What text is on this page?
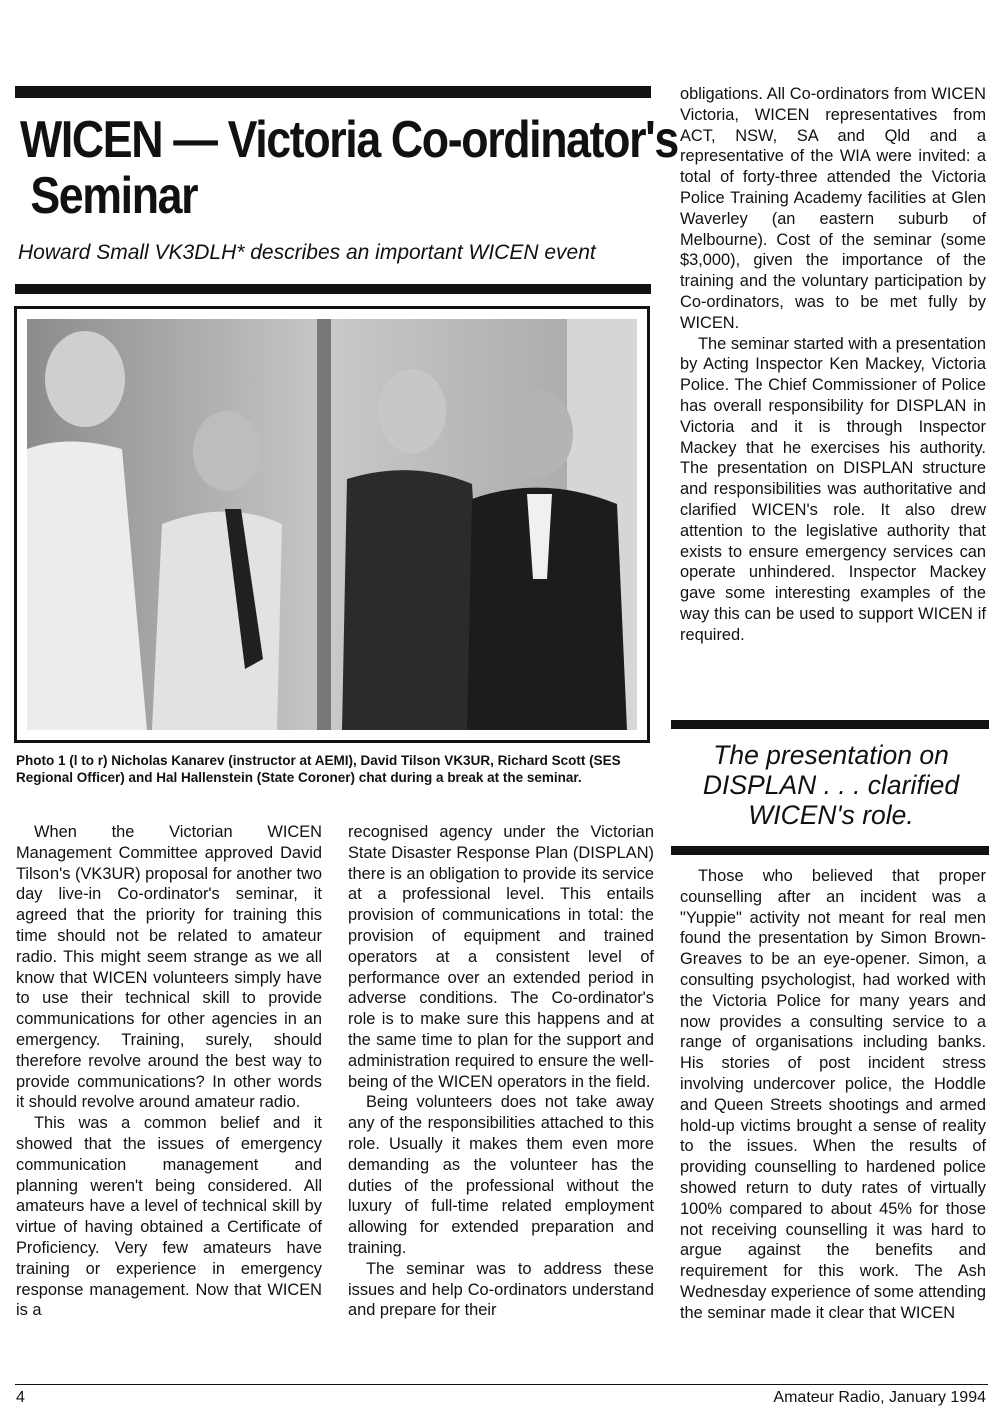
WICEN — Victoria Co-ordinator's
Seminar
Howard Small VK3DLH* describes an important WICEN event
Photo 1 (l to r) Nicholas Kanarev (instructor at AEMI), David Tilson VK3UR, Richard Scott (SES Regional Officer) and Hal Hallenstein (State Coroner) chat during a break at the seminar.

When the Victorian WICEN Management Committee approved David Tilson's (VK3UR) proposal for another two day live-in Co-ordinator's seminar, it agreed that the priority for training this time should not be related to amateur radio. This might seem strange as we all know that WICEN volunteers simply have to use their technical skill to provide communications for other agencies in an emergency. Training, surely, should therefore revolve around the best way to provide communications? In other words it should revolve around amateur radio.

This was a common belief and it showed that the issues of emergency communication management and planning weren't being considered. All amateurs have a level of technical skill by virtue of having obtained a Certificate of Proficiency. Very few amateurs have training or experience in emergency response management. Now that WICEN is a

recognised agency under the Victorian State Disaster Response Plan (DISPLAN) there is an obligation to provide its service at a professional level. This entails provision of communications in total: the provision of equipment and trained operators at a consistent level of performance over an extended period in adverse conditions. The Co-ordinator's role is to make sure this happens and at the same time to plan for the support and administration required to ensure the well-being of the WICEN operators in the field.

Being volunteers does not take away any of the responsibilities attached to this role. Usually it makes them even more demanding as the volunteer has the duties of the professional without the luxury of full-time related employment allowing for extended preparation and training.

The seminar was to address these issues and help Co-ordinators understand and prepare for their

obligations. All Co-ordinators from WICEN Victoria, WICEN representatives from ACT, NSW, SA and Qld and a representative of the WIA were invited: a total of forty-three attended the Victoria Police Training Academy facilities at Glen Waverley (an eastern suburb of Melbourne). Cost of the seminar (some $3,000), given the importance of the training and the voluntary participation by Co-ordinators, was to be met fully by WICEN.

The seminar started with a presentation by Acting Inspector Ken Mackey, Victoria Police. The Chief Commissioner of Police has overall responsibility for DISPLAN in Victoria and it is through Inspector Mackey that he exercises his authority. The presentation on DISPLAN structure and responsibilities was authoritative and clarified WICEN's role. It also drew attention to the legislative authority that exists to ensure emergency services can operate unhindered. Inspector Mackey gave some interesting examples of the way this can be used to support WICEN if required.

The presentation on DISPLAN . . . clarified WICEN's role.

Those who believed that proper counselling after an incident was a "Yuppie" activity not meant for real men found the presentation by Simon Brown-Greaves to be an eye-opener. Simon, a consulting psychologist, had worked with the Victoria Police for many years and now provides a consulting service to a range of organisations including banks. His stories of post incident stress involving undercover police, the Hoddle and Queen Streets shootings and armed hold-up victims brought a sense of reality to the issues. When the results of providing counselling to hardened police showed return to duty rates of virtually 100% compared to about 45% for those not receiving counselling it was hard to argue against the benefits and requirement for this work. The Ash Wednesday experience of some attending the seminar made it clear that WICEN

4	Amateur Radio, January 1994
